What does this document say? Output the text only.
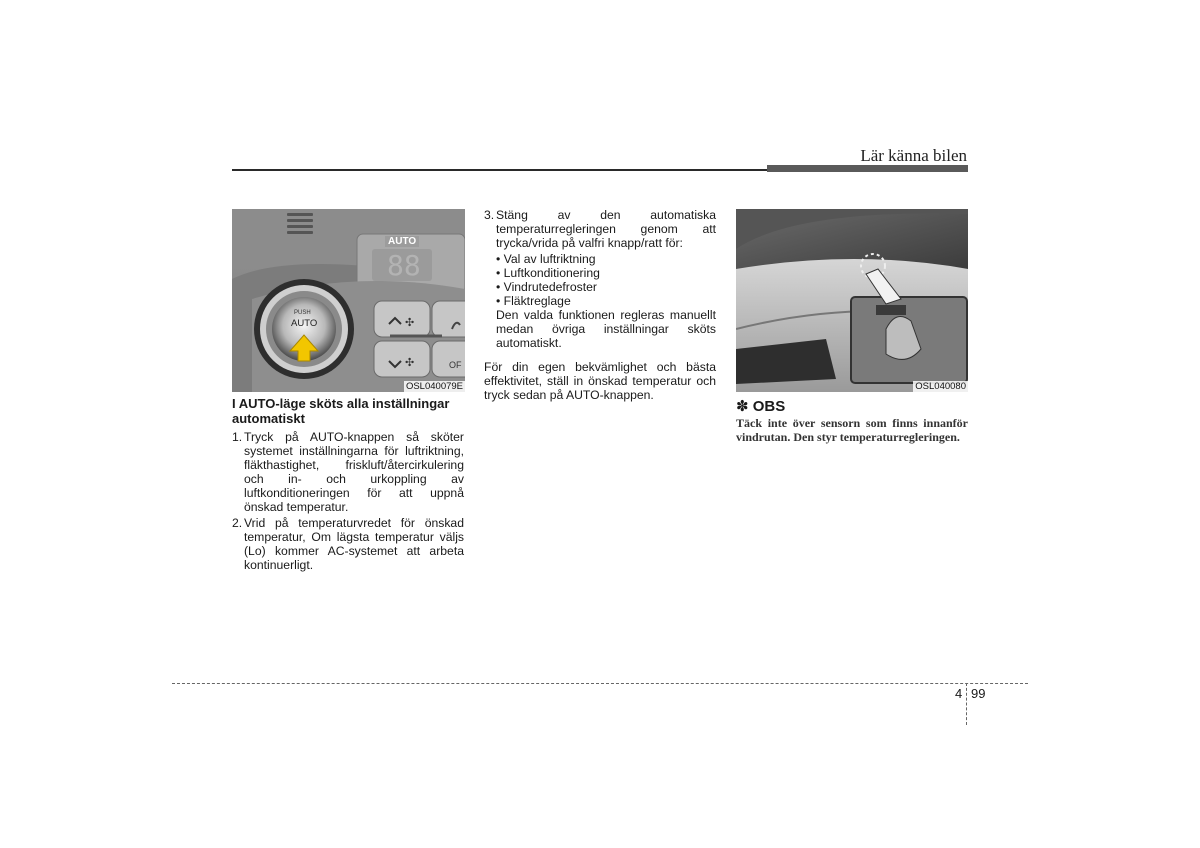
Lär känna bilen
✣
✣
AUTO
88
PUSH
AUTO
OF
OSL040079E
I AUTO-läge sköts alla inställningar automatiskt
1. Tryck på AUTO-knappen så sköter systemet inställningarna för luftriktning, fläkthastighet, friskluft/återcirkulering och in- och urkoppling av luftkonditioneringen för att uppnå önskad temperatur.
2. Vrid på temperaturvredet för önskad temperatur, Om lägsta temperatur väljs (Lo) kommer AC-systemet att arbeta kontinuerligt.
3. Stäng av den automatiska temperaturregleringen genom att trycka/vrida på valfri knapp/ratt för:
• Val av luftriktning
• Luftkonditionering
• Vindrutedefroster
• Fläktreglage
Den valda funktionen regleras manuellt medan övriga inställningar sköts automatiskt.
För din egen bekvämlighet och bästa effektivitet, ställ in önskad temperatur och tryck sedan på AUTO-knappen.
OSL040080
✽ OBS
Täck inte över sensorn som finns innanför vindrutan. Den styr temperaturregleringen.
4 99
